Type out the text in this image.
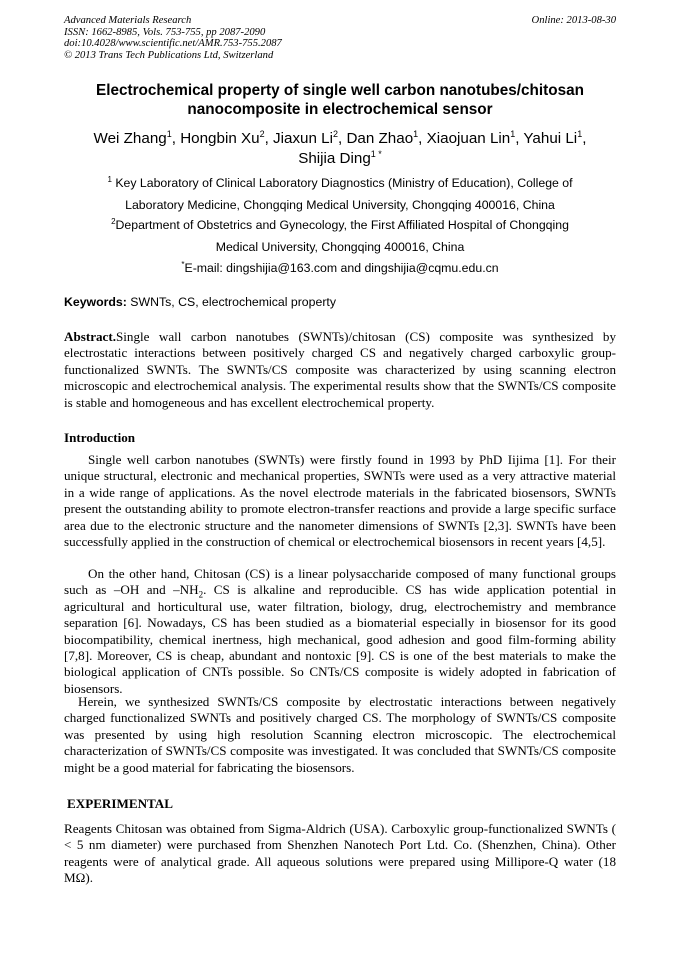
Advanced Materials Research
ISSN: 1662-8985, Vols. 753-755, pp 2087-2090
doi:10.4028/www.scientific.net/AMR.753-755.2087
© 2013 Trans Tech Publications Ltd, Switzerland
Online: 2013-08-30
Electrochemical property of single well carbon nanotubes/chitosan
nanocomposite in electrochemical sensor
Wei Zhang$^1$, Hongbin Xu$^2$, Jiaxun Li$^2$, Dan Zhao$^1$, Xiaojuan Lin$^1$, Yahui Li$^1$,
Shijia Ding$^{1 *}$
$^1$ Key Laboratory of Clinical Laboratory Diagnostics (Ministry of Education), College of
Laboratory Medicine, Chongqing Medical University, Chongqing 400016, China
$^2$Department of Obstetrics and Gynecology, the First Affiliated Hospital of Chongqing
Medical University, Chongqing 400016, China
*E-mail: dingshijia@163.com and dingshijia@cqmu.edu.cn
Keywords: SWNTs, CS, electrochemical property
Abstract.Single wall carbon nanotubes (SWNTs)/chitosan (CS) composite was synthesized by electrostatic interactions between positively charged CS and negatively charged carboxylic group-functionalized SWNTs. The SWNTs/CS composite was characterized by using scanning electron microscopic and electrochemical analysis. The experimental results show that the SWNTs/CS composite is stable and homogeneous and has excellent electrochemical property.
Introduction
Single well carbon nanotubes (SWNTs) were firstly found in 1993 by PhD Iijima [1]. For their unique structural, electronic and mechanical properties, SWNTs were used as a very attractive material in a wide range of applications. As the novel electrode materials in the fabricated biosensors, SWNTs present the outstanding ability to promote electron-transfer reactions and provide a large specific surface area due to the electronic structure and the nanometer dimensions of SWNTs [2,3]. SWNTs have been successfully applied in the construction of chemical or electrochemical biosensors in recent years [4,5].
On the other hand, Chitosan (CS) is a linear polysaccharide composed of many functional groups such as –OH and $-NH_2$. CS is alkaline and reproducible. CS has wide application potential in agricultural and horticultural use, water filtration, biology, drug, electrochemistry and membrance separation [6]. Nowadays, CS has been studied as a biomaterial especially in biosensor for its good biocompatibility, chemical inertness, high mechanical, good adhesion and good film-forming ability [7,8]. Moreover, CS is cheap, abundant and nontoxic [9]. CS is one of the best materials to make the biological application of CNTs possible. So CNTs/CS composite is widely adopted in fabrication of biosensors.
Herein, we synthesized SWNTs/CS composite by electrostatic interactions between negatively charged functionalized SWNTs and positively charged CS. The morphology of SWNTs/CS composite was presented by using high resolution Scanning electron microscopic. The electrochemical characterization of SWNTs/CS composite was investigated. It was concluded that SWNTs/CS composite might be a good material for fabricating the biosensors.
EXPERIMENTAL
Reagents Chitosan was obtained from Sigma-Aldrich (USA). Carboxylic group-functionalized SWNTs ( < 5 nm diameter) were purchased from Shenzhen Nanotech Port Ltd. Co. (Shenzhen, China). Other reagents were of analytical grade. All aqueous solutions were prepared using Millipore-Q water (18 MΩ).
